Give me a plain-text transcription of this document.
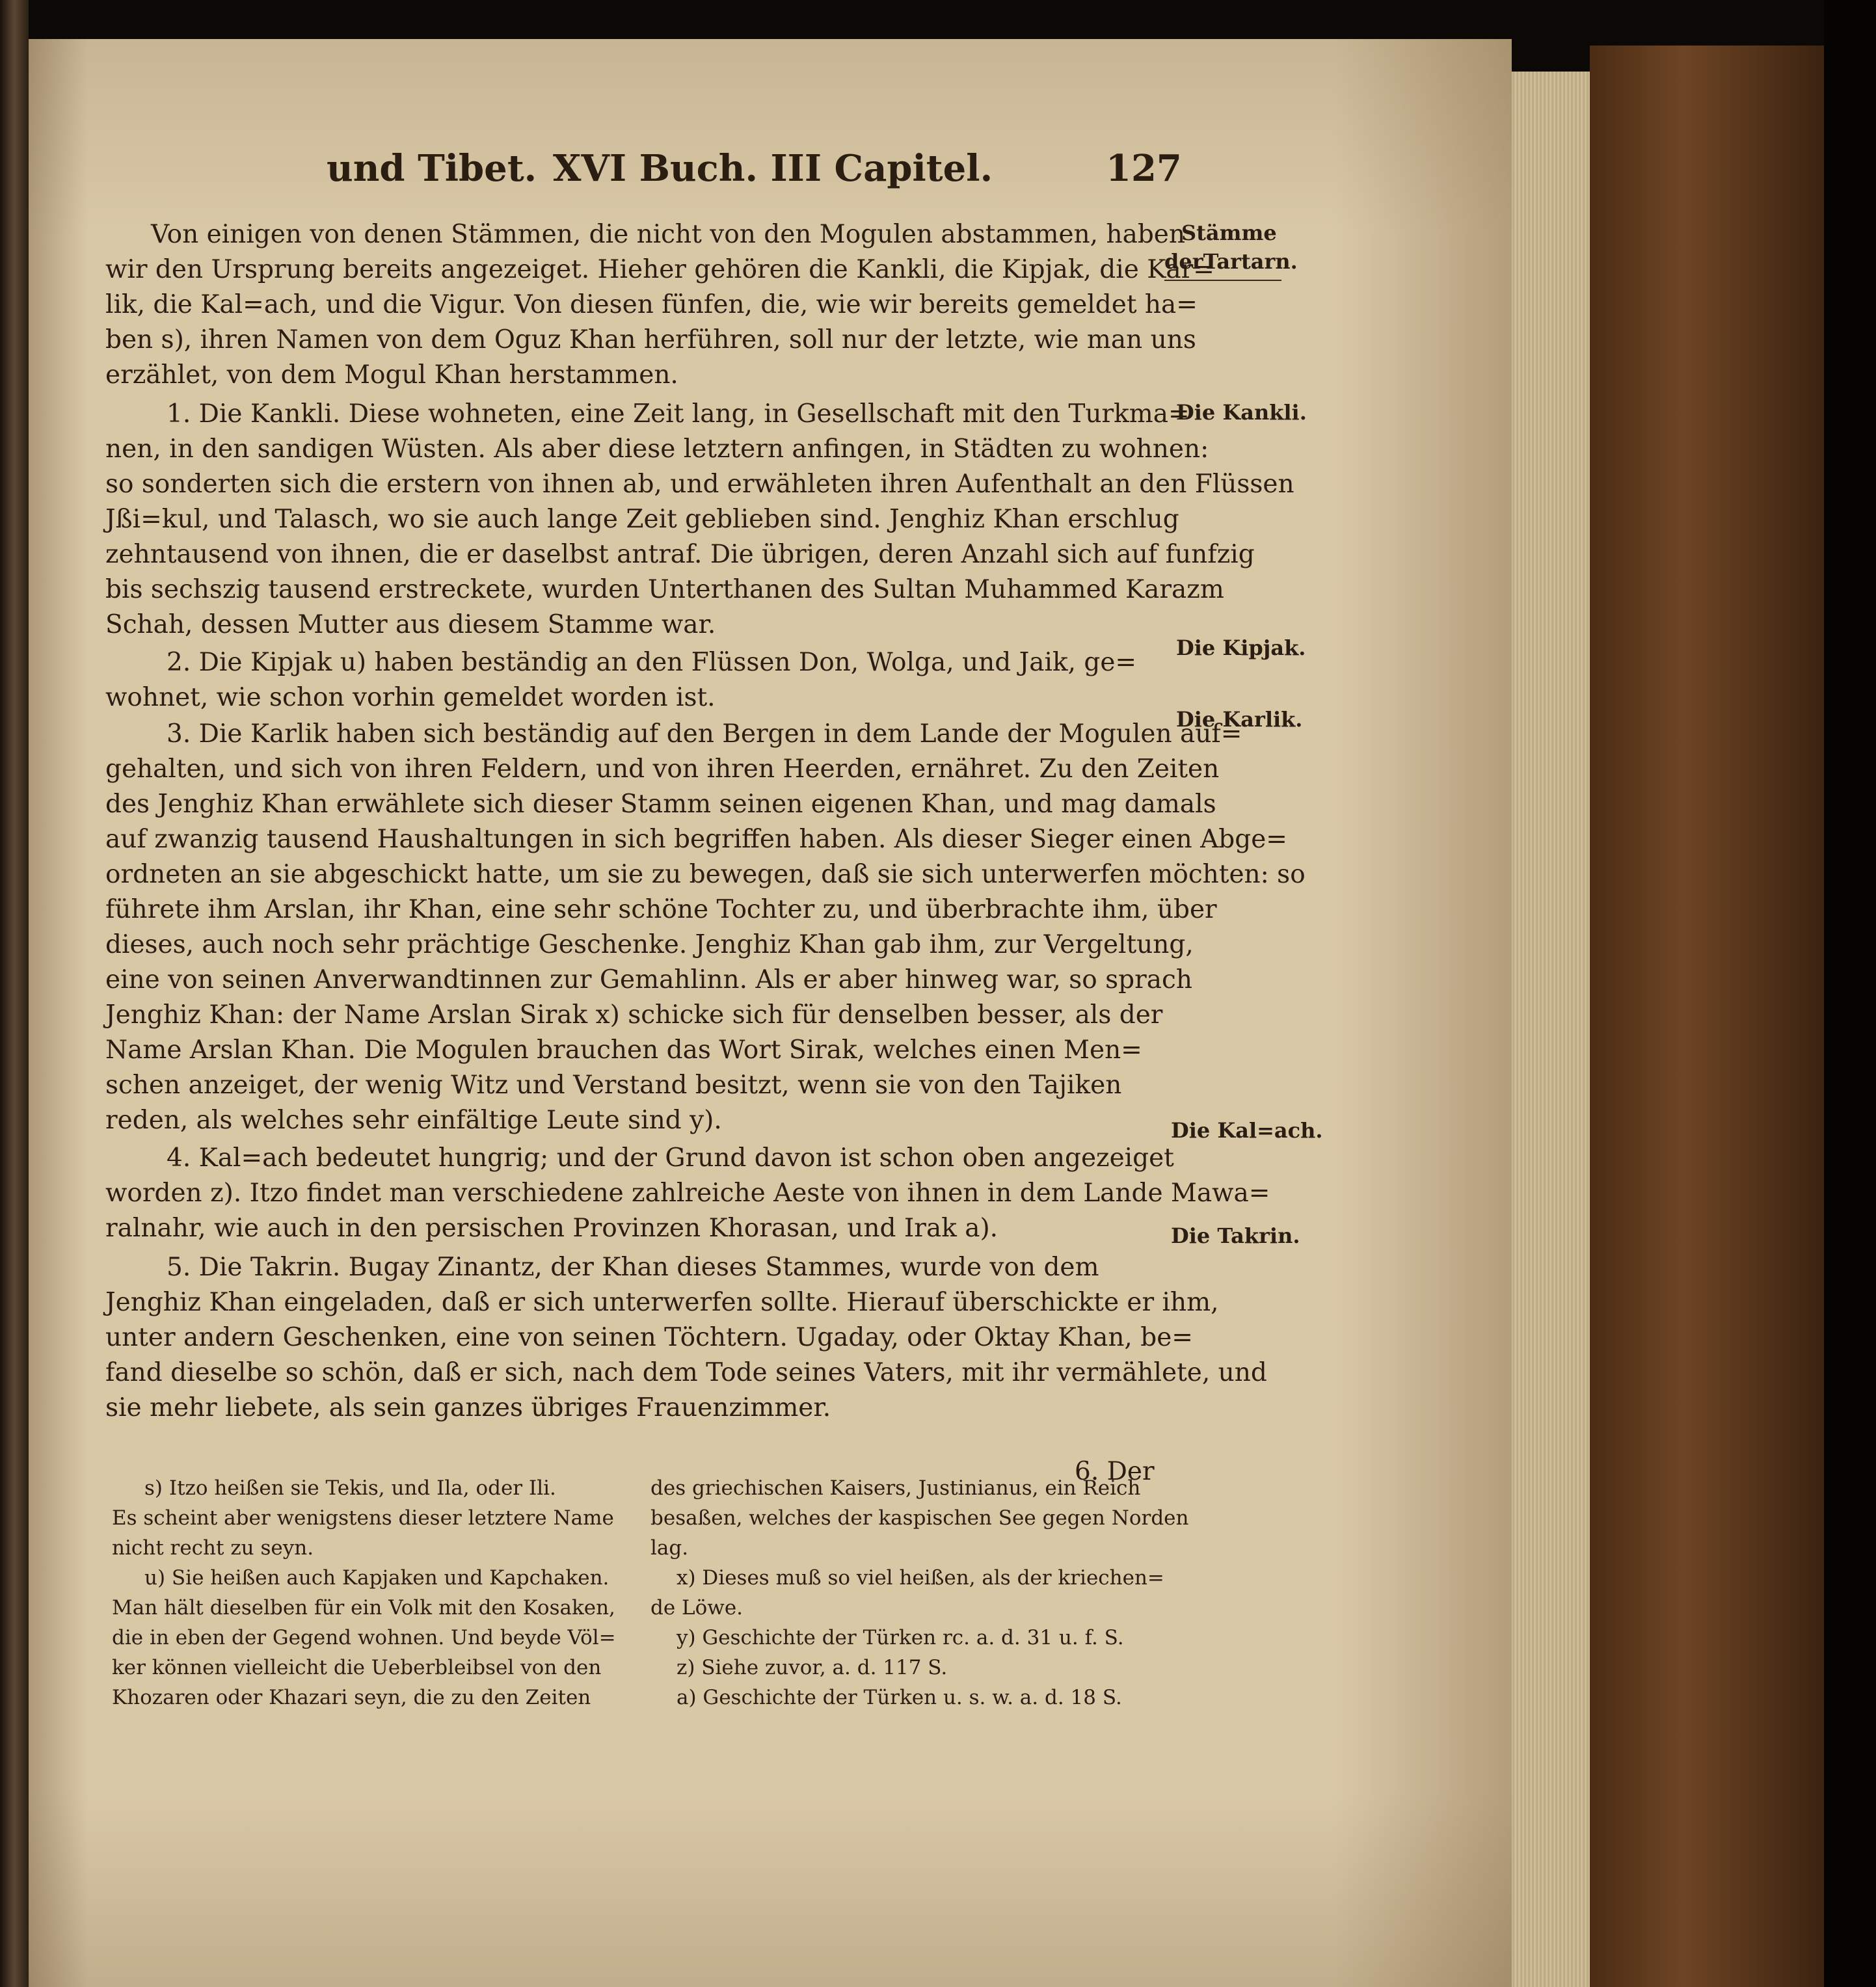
und Tibet. XVI Buch. III Capitel.	127
Von einigen von denen Stämmen, die nicht von den Mogulen abstammen, haben
wir den Ursprung bereits angezeiget. Hieher gehören die Kankli, die Kipjak, die Kar=
lik, die Kal=ach, und die Vigur. Von diesen fünfen, die, wie wir bereits gemeldet ha=
ben s), ihren Namen von dem Oguz Khan herführen, soll nur der letzte, wie man uns
erzählet, von dem Mogul Khan herstammen.
1. Die Kankli. Diese wohneten, eine Zeit lang, in Gesellschaft mit den Turkma=
nen, in den sandigen Wüsten. Als aber diese letztern anfingen, in Städten zu wohnen:
so sonderten sich die erstern von ihnen ab, und erwähleten ihren Aufenthalt an den Flüssen
Jßi=kul, und Talasch, wo sie auch lange Zeit geblieben sind. Jenghiz Khan erschlug
zehntausend von ihnen, die er daselbst antraf. Die übrigen, deren Anzahl sich auf funfzig
bis sechszig tausend erstreckete, wurden Unterthanen des Sultan Muhammed Karazm
Schah, dessen Mutter aus diesem Stamme war.
2. Die Kipjak u) haben beständig an den Flüssen Don, Wolga, und Jaik, ge=
wohnet, wie schon vorhin gemeldet worden ist.
3. Die Karlik haben sich beständig auf den Bergen in dem Lande der Mogulen auf=
gehalten, und sich von ihren Feldern, und von ihren Heerden, ernähret. Zu den Zeiten
des Jenghiz Khan erwählete sich dieser Stamm seinen eigenen Khan, und mag damals
auf zwanzig tausend Haushaltungen in sich begriffen haben. Als dieser Sieger einen Abge=
ordneten an sie abgeschickt hatte, um sie zu bewegen, daß sie sich unterwerfen möchten: so
führete ihm Arslan, ihr Khan, eine sehr schöne Tochter zu, und überbrachte ihm, über
dieses, auch noch sehr prächtige Geschenke. Jenghiz Khan gab ihm, zur Vergeltung,
eine von seinen Anverwandtinnen zur Gemahlinn. Als er aber hinweg war, so sprach
Jenghiz Khan: der Name Arslan Sirak x) schicke sich für denselben besser, als der
Name Arslan Khan. Die Mogulen brauchen das Wort Sirak, welches einen Men=
schen anzeiget, der wenig Witz und Verstand besitzt, wenn sie von den Tajiken
reden, als welches sehr einfältige Leute sind y).
4. Kal=ach bedeutet hungrig; und der Grund davon ist schon oben angezeiget
worden z). Itzo findet man verschiedene zahlreiche Aeste von ihnen in dem Lande Mawa=
ralnahr, wie auch in den persischen Provinzen Khorasan, und Irak a).
5. Die Takrin. Bugay Zinantz, der Khan dieses Stammes, wurde von dem
Jenghiz Khan eingeladen, daß er sich unterwerfen sollte. Hierauf überschickte er ihm,
unter andern Geschenken, eine von seinen Töchtern. Ugaday, oder Oktay Khan, be=
fand dieselbe so schön, daß er sich, nach dem Tode seines Vaters, mit ihr vermählete, und
sie mehr liebete, als sein ganzes übriges Frauenzimmer.
6. Der
Stämme
derTartarn.
Die Kankli.
Die Kipjak.
Die Karlik.
Die Kal=ach.
Die Takrin.
s) Itzo heißen sie Tekis, und Ila, oder Ili.
Es scheint aber wenigstens dieser letztere Name
nicht recht zu seyn.
u) Sie heißen auch Kapjaken und Kapchaken.
Man hält dieselben für ein Volk mit den Kosaken,
die in eben der Gegend wohnen. Und beyde Völ=
ker können vielleicht die Ueberbleibsel von den
Khozaren oder Khazari seyn, die zu den Zeiten
des griechischen Kaisers, Justinianus, ein Reich
besaßen, welches der kaspischen See gegen Norden
lag.
x) Dieses muß so viel heißen, als der kriechen=
de Löwe.
y) Geschichte der Türken rc. a. d. 31 u. f. S.
z) Siehe zuvor, a. d. 117 S.
a) Geschichte der Türken u. s. w. a. d. 18 S.
